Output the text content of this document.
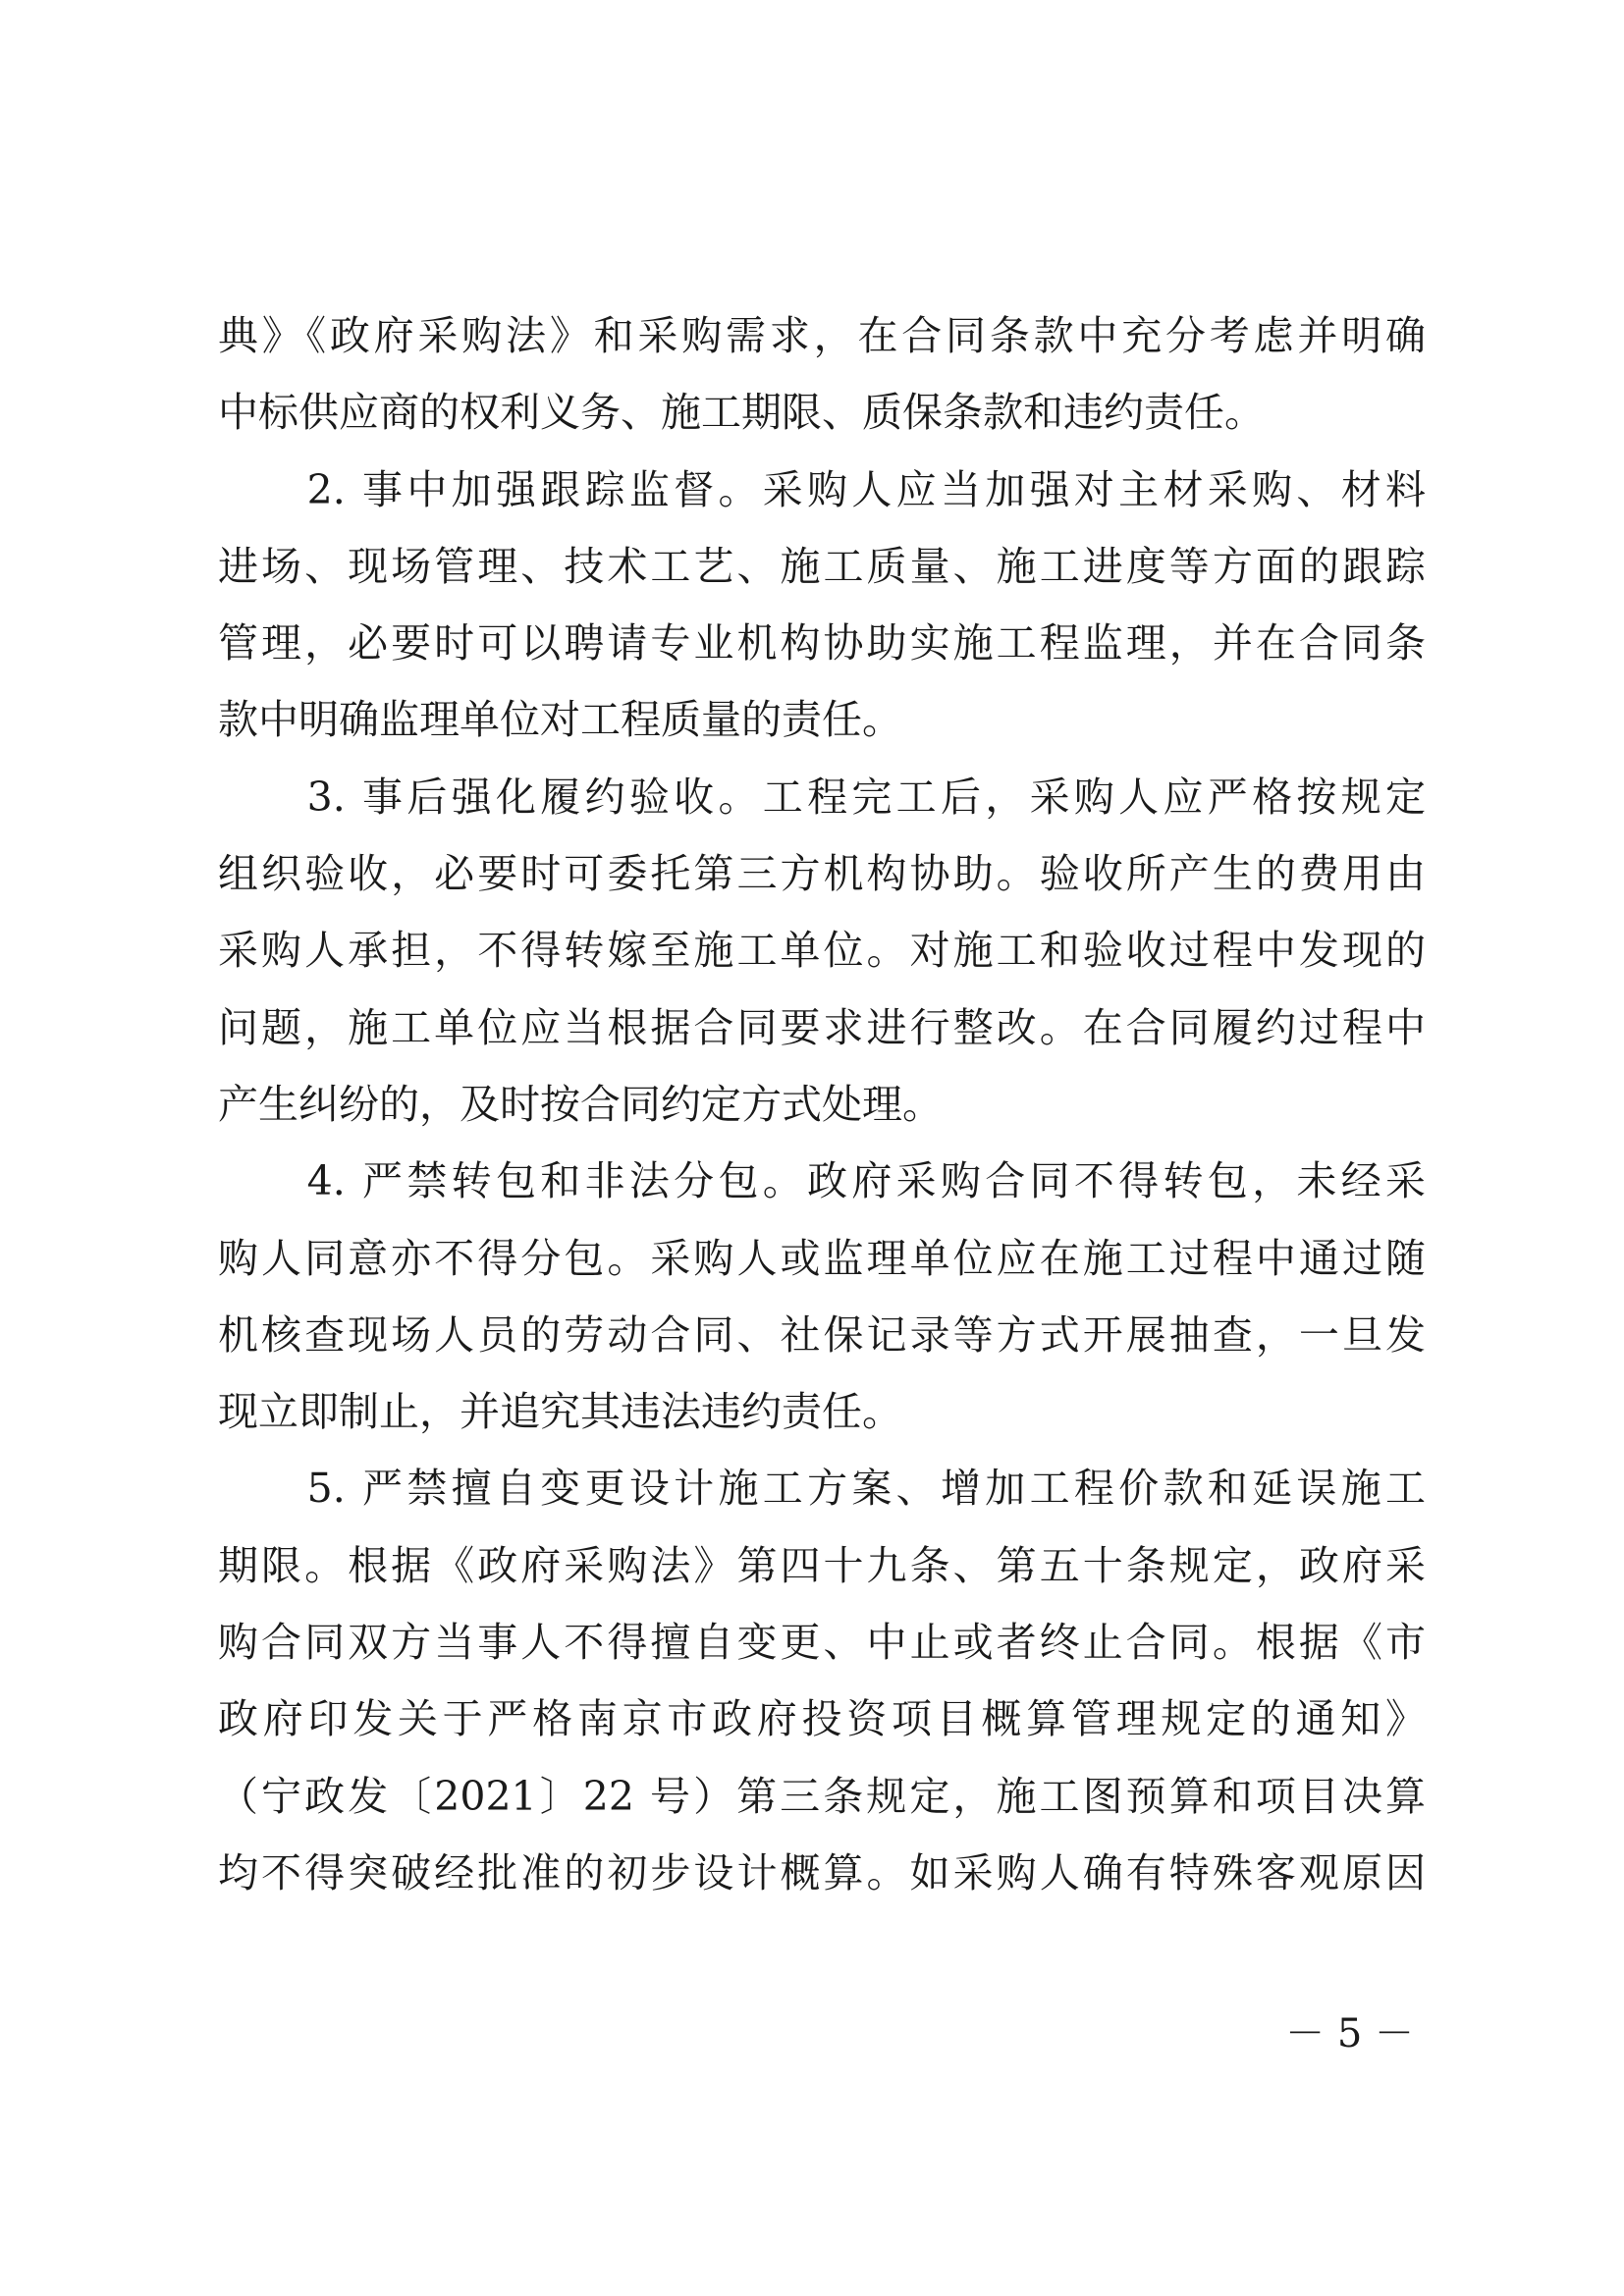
典》《政府采购法》和采购需求，在合同条款中充分考虑并明确
中标供应商的权利义务、施工期限、质保条款和违约责任。
　　2. 事中加强跟踪监督。采购人应当加强对主材采购、材料
进场、现场管理、技术工艺、施工质量、施工进度等方面的跟踪
管理，必要时可以聘请专业机构协助实施工程监理，并在合同条
款中明确监理单位对工程质量的责任。
　　3. 事后强化履约验收。工程完工后，采购人应严格按规定
组织验收，必要时可委托第三方机构协助。验收所产生的费用由
采购人承担，不得转嫁至施工单位。对施工和验收过程中发现的
问题，施工单位应当根据合同要求进行整改。在合同履约过程中
产生纠纷的，及时按合同约定方式处理。
　　4. 严禁转包和非法分包。政府采购合同不得转包，未经采
购人同意亦不得分包。采购人或监理单位应在施工过程中通过随
机核查现场人员的劳动合同、社保记录等方式开展抽查，一旦发
现立即制止，并追究其违法违约责任。
　　5. 严禁擅自变更设计施工方案、增加工程价款和延误施工
期限。根据《政府采购法》第四十九条、第五十条规定，政府采
购合同双方当事人不得擅自变更、中止或者终止合同。根据《市
政府印发关于严格南京市政府投资项目概算管理规定的通知》
（宁政发〔2021〕22 号）第三条规定，施工图预算和项目决算
均不得突破经批准的初步设计概算。如采购人确有特殊客观原因
－ 5 －
